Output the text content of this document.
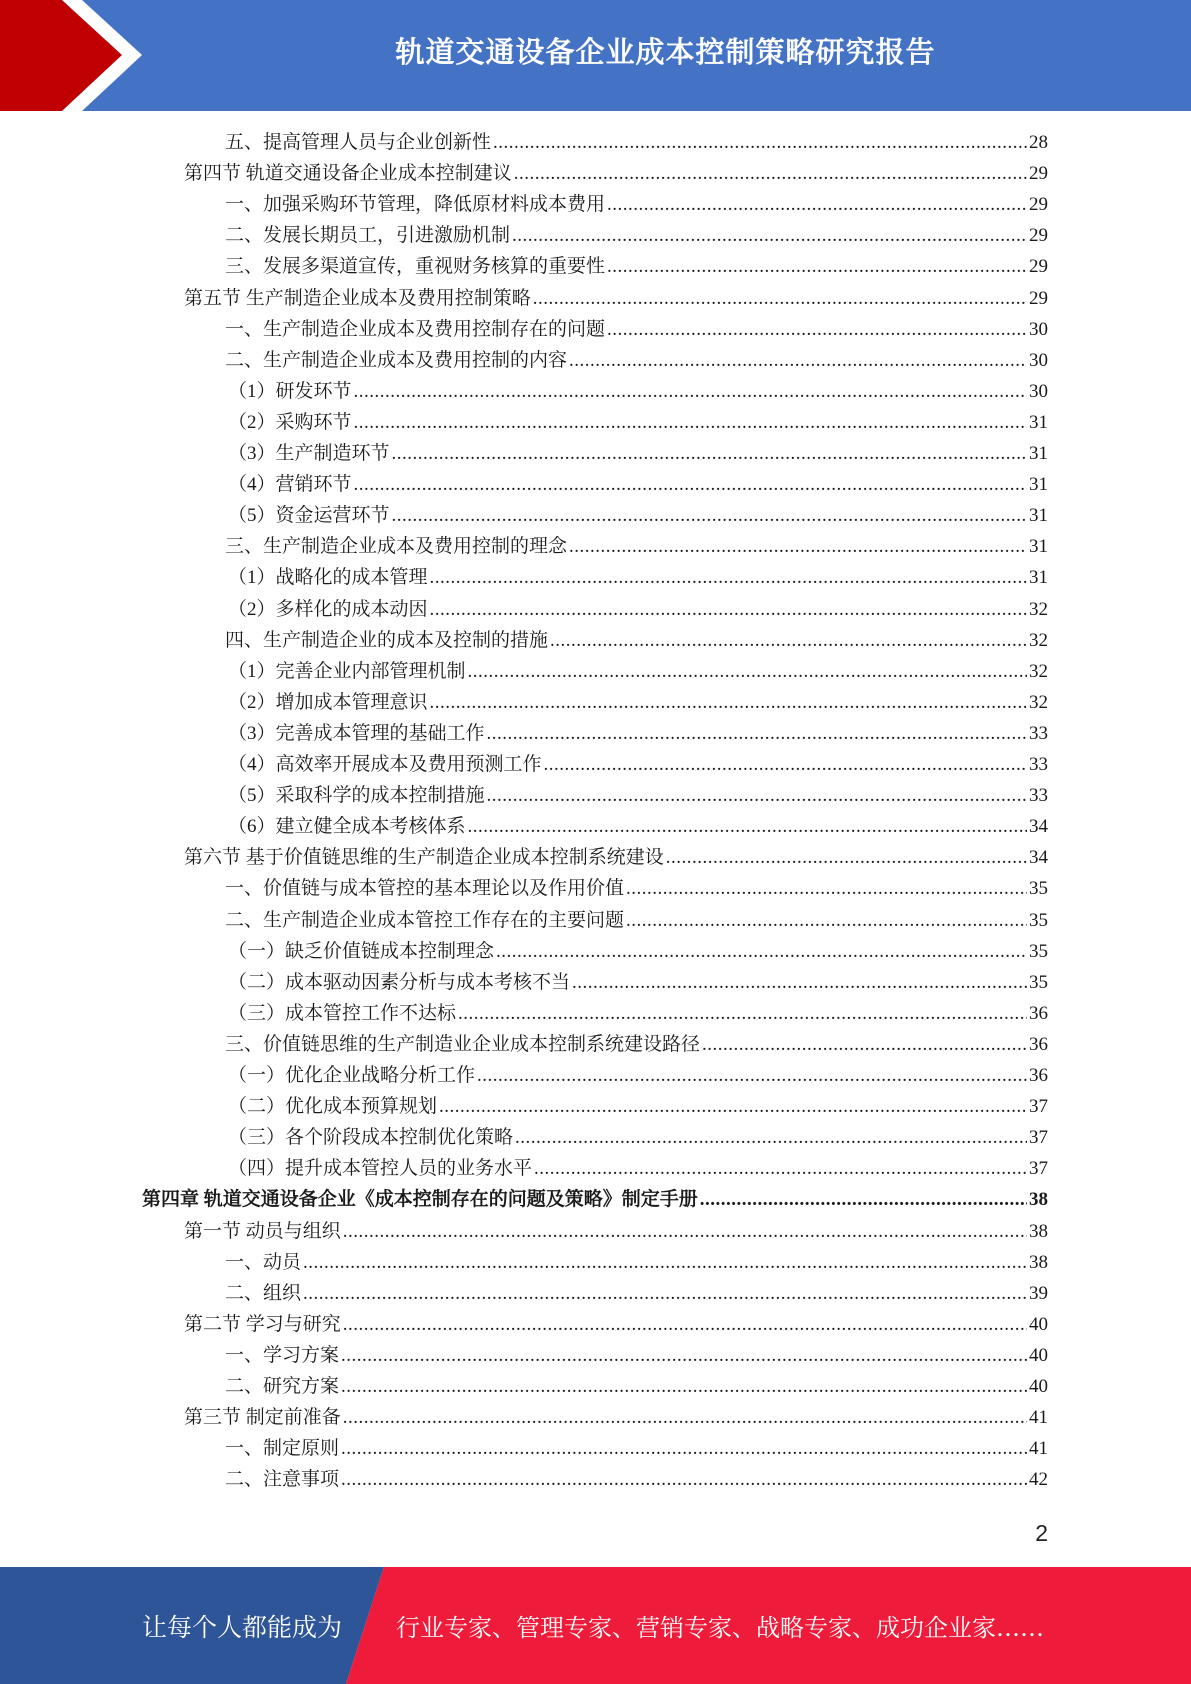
轨道交通设备企业成本控制策略研究报告
五、提高管理人员与企业创新性 .....	28
第四节 轨道交通设备企业成本控制建议 .....	29
一、加强采购环节管理，降低原材料成本费用 .....	29
二、发展长期员工，引进激励机制 .....	29
三、发展多渠道宣传，重视财务核算的重要性 .....	29
第五节 生产制造企业成本及费用控制策略 .....	29
一、生产制造企业成本及费用控制存在的问题 .....	30
二、生产制造企业成本及费用控制的内容 .....	30
（1）研发环节 .....	30
（2）采购环节 .....	31
（3）生产制造环节 .....	31
（4）营销环节 .....	31
（5）资金运营环节 .....	31
三、生产制造企业成本及费用控制的理念 .....	31
（1）战略化的成本管理 .....	31
（2）多样化的成本动因 .....	32
四、生产制造企业的成本及控制的措施 .....	32
（1）完善企业内部管理机制 .....	32
（2）增加成本管理意识 .....	32
（3）完善成本管理的基础工作 .....	33
（4）高效率开展成本及费用预测工作 .....	33
（5）采取科学的成本控制措施 .....	33
（6）建立健全成本考核体系 .....	34
第六节 基于价值链思维的生产制造企业成本控制系统建设 .....	34
一、价值链与成本管控的基本理论以及作用价值 .....	35
二、生产制造企业成本管控工作存在的主要问题 .....	35
（一）缺乏价值链成本控制理念 .....	35
（二）成本驱动因素分析与成本考核不当 .....	35
（三）成本管控工作不达标 .....	36
三、价值链思维的生产制造业企业成本控制系统建设路径 .....	36
（一）优化企业战略分析工作 .....	36
（二）优化成本预算规划 .....	37
（三）各个阶段成本控制优化策略 .....	37
（四）提升成本管控人员的业务水平 .....	37
第四章 轨道交通设备企业《成本控制存在的问题及策略》制定手册 .....	38
第一节 动员与组织 .....	38
一、动员 .....	38
二、组织 .....	39
第二节 学习与研究 .....	40
一、学习方案 .....	40
二、研究方案 .....	40
第三节 制定前准备 .....	41
一、制定原则 .....	41
二、注意事项 .....	42
2
让每个人都能成为 行业专家、管理专家、营销专家、战略专家、成功企业家……
